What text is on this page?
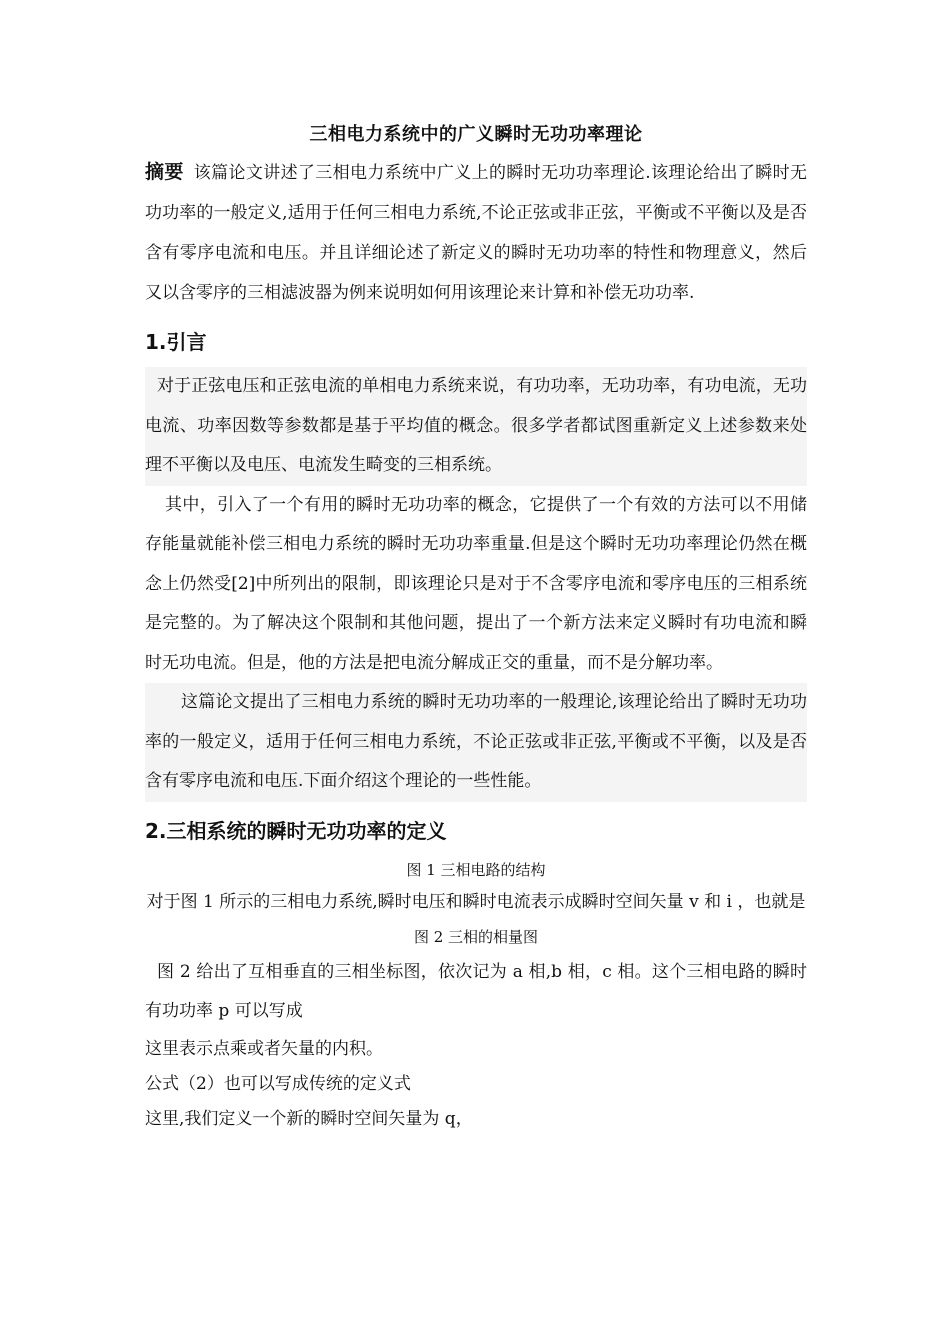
三相电力系统中的广义瞬时无功功率理论

摘要 该篇论文讲述了三相电力系统中广义上的瞬时无功功率理论.该理论给出了瞬时无功功率的一般定义,适用于任何三相电力系统,不论正弦或非正弦，平衡或不平衡以及是否含有零序电流和电压。并且详细论述了新定义的瞬时无功功率的特性和物理意义，然后又以含零序的三相滤波器为例来说明如何用该理论来计算和补偿无功功率.

1.引言

对于正弦电压和正弦电流的单相电力系统来说，有功功率，无功功率，有功电流，无功电流、功率因数等参数都是基于平均值的概念。很多学者都试图重新定义上述参数来处理不平衡以及电压、电流发生畸变的三相系统。

其中，引入了一个有用的瞬时无功功率的概念，它提供了一个有效的方法可以不用储存能量就能补偿三相电力系统的瞬时无功功率重量.但是这个瞬时无功功率理论仍然在概念上仍然受[2]中所列出的限制，即该理论只是对于不含零序电流和零序电压的三相系统是完整的。为了解决这个限制和其他问题，提出了一个新方法来定义瞬时有功电流和瞬时无功电流。但是，他的方法是把电流分解成正交的重量，而不是分解功率。

这篇论文提出了三相电力系统的瞬时无功功率的一般理论,该理论给出了瞬时无功功率的一般定义，适用于任何三相电力系统，不论正弦或非正弦,平衡或不平衡，以及是否含有零序电流和电压.下面介绍这个理论的一些性能。

2.三相系统的瞬时无功功率的定义
图 1 三相电路的结构

对于图 1 所示的三相电力系统,瞬时电压和瞬时电流表示成瞬时空间矢量 v 和 i ，也就是

图 2 三相的相量图

图 2 给出了互相垂直的三相坐标图，依次记为 a 相,b 相，c 相。这个三相电路的瞬时有功功率 p 可以写成

这里表示点乘或者矢量的内积。

公式（2）也可以写成传统的定义式

这里,我们定义一个新的瞬时空间矢量为 q，
